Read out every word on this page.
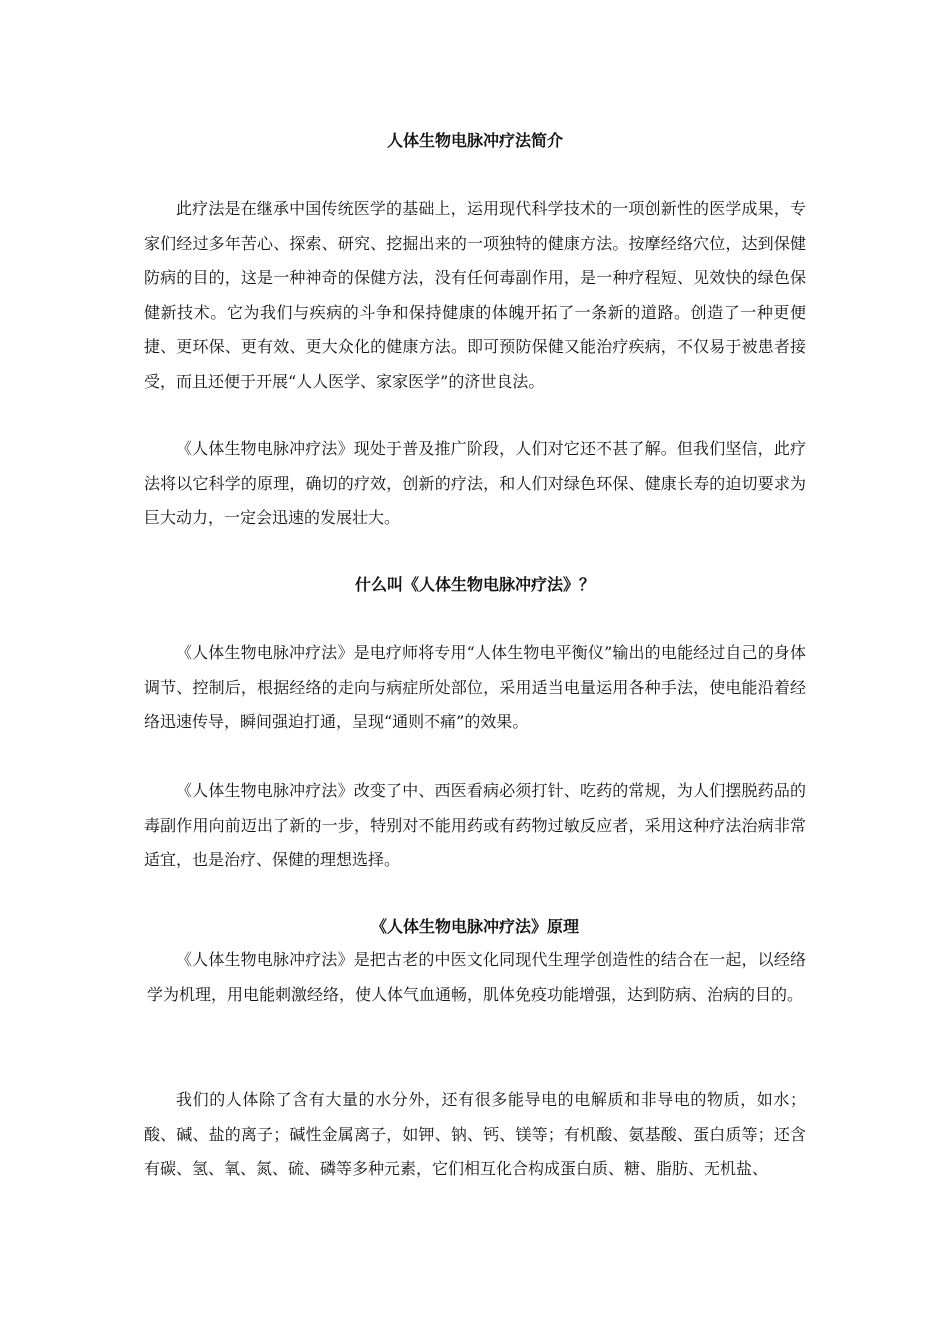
人体生物电脉冲疗法简介

此疗法是在继承中国传统医学的基础上，运用现代科学技术的一项创新性的医学成果，专家们经过多年苦心、探索、研究、挖掘出来的一项独特的健康方法。按摩经络穴位，达到保健防病的目的，这是一种神奇的保健方法，没有任何毒副作用，是一种疗程短、见效快的绿色保健新技术。它为我们与疾病的斗争和保持健康的体魄开拓了一条新的道路。创造了一种更便捷、更环保、更有效、更大众化的健康方法。即可预防保健又能治疗疾病，不仅易于被患者接受，而且还便于开展“人人医学、家家医学”的济世良法。

《人体生物电脉冲疗法》现处于普及推广阶段，人们对它还不甚了解。但我们坚信，此疗法将以它科学的原理，确切的疗效，创新的疗法，和人们对绿色环保、健康长寿的迫切要求为巨大动力，一定会迅速的发展壮大。

什么叫《人体生物电脉冲疗法》？

《人体生物电脉冲疗法》是电疗师将专用“人体生物电平衡仪”输出的电能经过自己的身体调节、控制后，根据经络的走向与病症所处部位，采用适当电量运用各种手法，使电能沿着经络迅速传导，瞬间强迫打通，呈现“通则不痛”的效果。

《人体生物电脉冲疗法》改变了中、西医看病必须打针、吃药的常规，为人们摆脱药品的毒副作用向前迈出了新的一步，特别对不能用药或有药物过敏反应者，采用这种疗法治病非常适宜，也是治疗、保健的理想选择。

《人体生物电脉冲疗法》原理

《人体生物电脉冲疗法》是把古老的中医文化同现代生理学创造性的结合在一起，以经络学为机理，用电能刺激经络，使人体气血通畅，肌体免疫功能增强，达到防病、治病的目的。

我们的人体除了含有大量的水分外，还有很多能导电的电解质和非导电的物质，如水；酸、碱、盐的离子；碱性金属离子，如钾、钠、钙、镁等；有机酸、氨基酸、蛋白质等；还含有碳、氢、氧、氮、硫、磷等多种元素，它们相互化合构成蛋白质、糖、脂肪、无机盐、
